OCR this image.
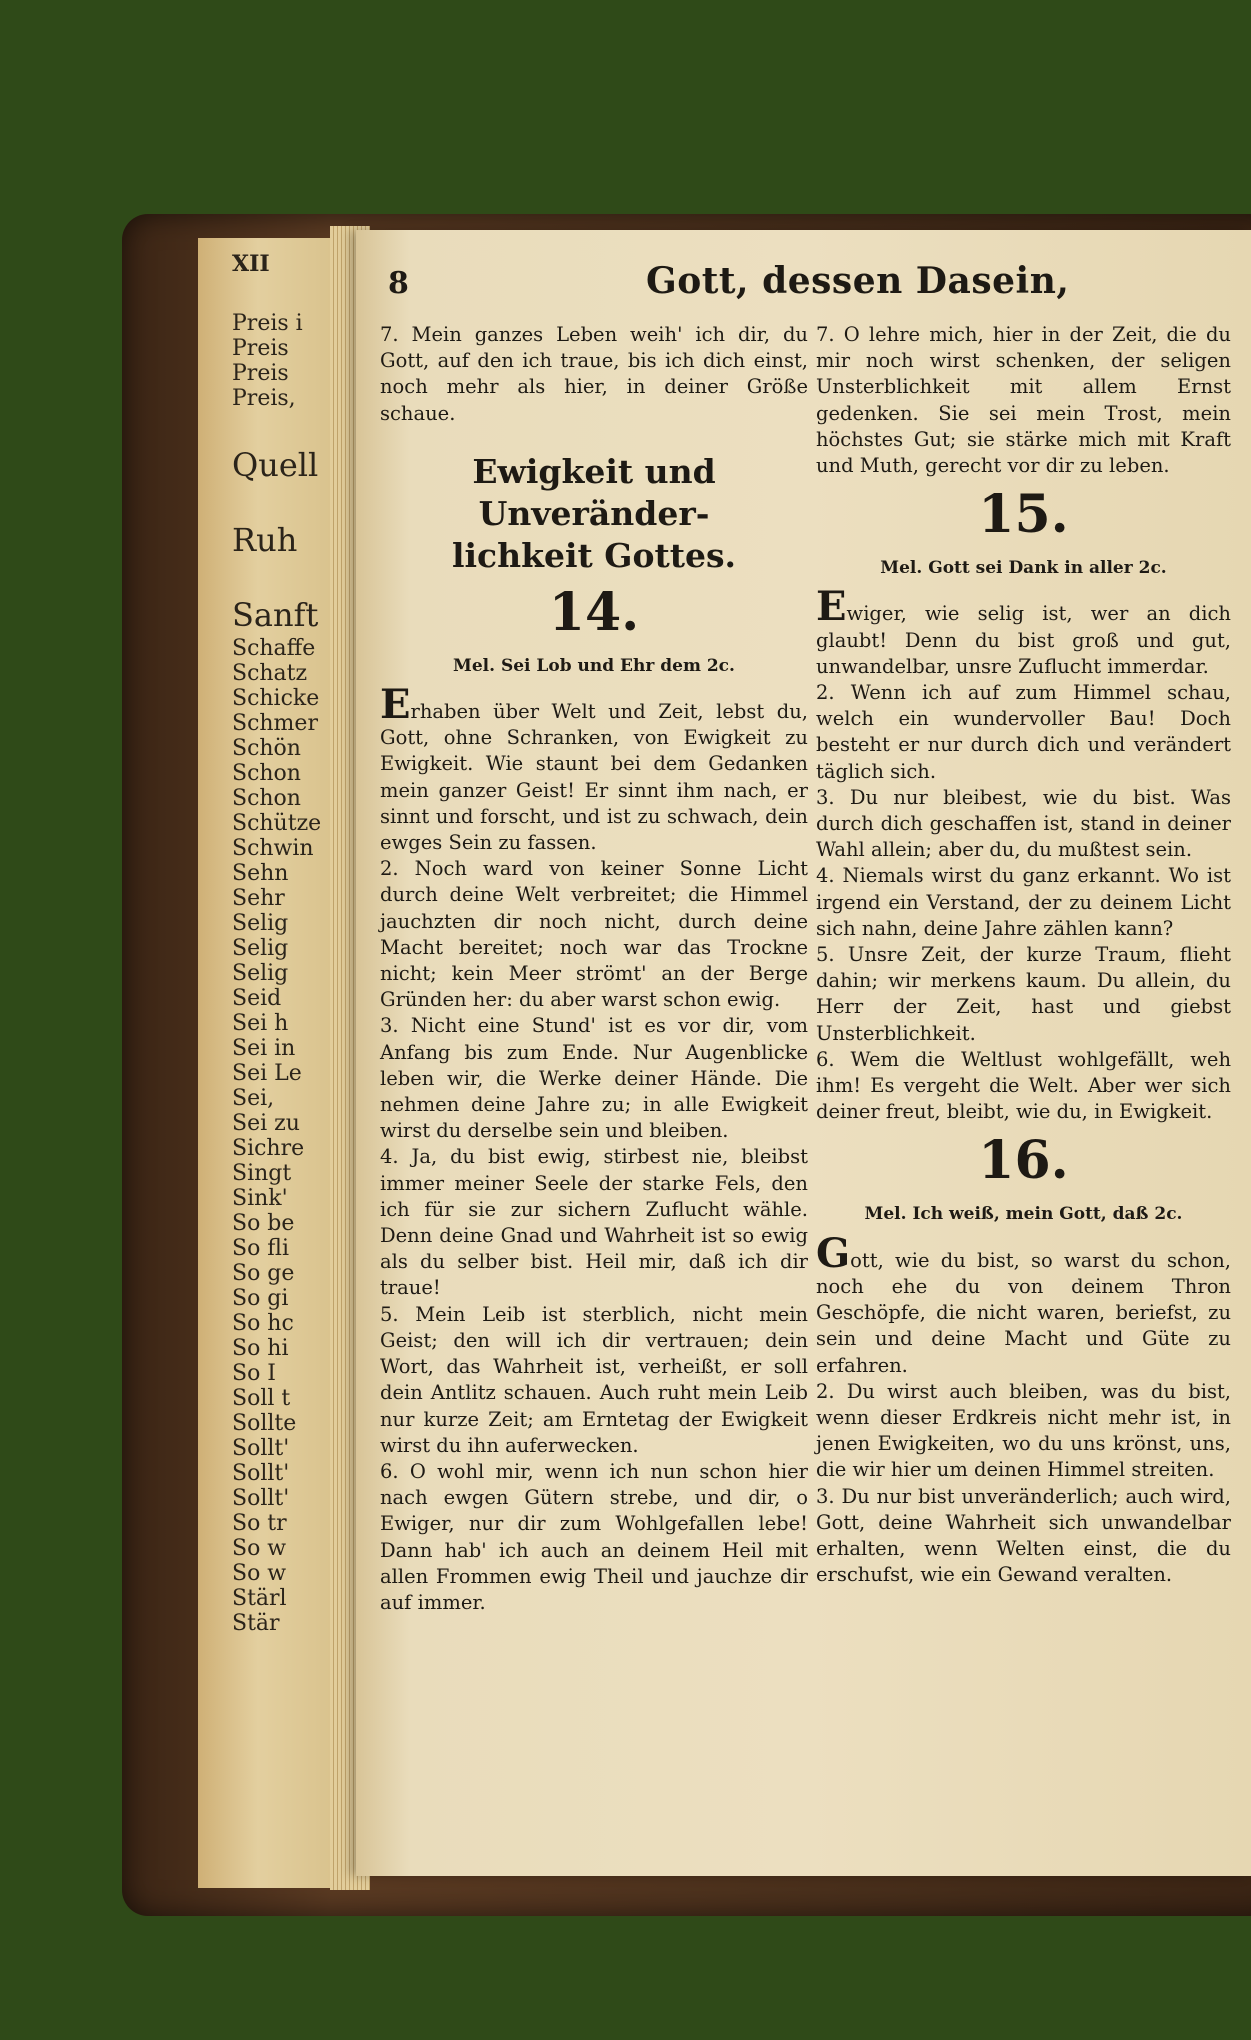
XII
Preis i
Preis
Preis
Preis,
Quell
Ruh
Sanft
Schaffe
Schatz
Schicke
Schmer
Schön
Schon
Schon
Schütze
Schwin
Sehn
Sehr
Selig
Selig
Selig
Seid
Sei h
Sei in
Sei Le
Sei,
Sei zu
Sichre
Singt
Sink'
So be
So fli
So ge
So gi
So hc
So hi
So I
Soll t
Sollte
Sollt'
Sollt'
Sollt'
So tr
So w
So w
Stärl
Stär
8	Gott, dessen Dasein,

7. Mein ganzes Leben weih' ich dir, du Gott, auf den ich traue, bis ich dich einst, noch mehr als hier, in deiner Größe schaue.

Ewigkeit und Unveränder-
lichkeit Gottes.
14.
Mel. Sei Lob und Ehr dem 2c.

Erhaben über Welt und Zeit, lebst du, Gott, ohne Schranken, von Ewigkeit zu Ewigkeit. Wie staunt bei dem Gedanken mein ganzer Geist! Er sinnt ihm nach, er sinnt und forscht, und ist zu schwach, dein ewges Sein zu fassen.

2. Noch ward von keiner Sonne Licht durch deine Welt verbreitet; die Himmel jauchzten dir noch nicht, durch deine Macht bereitet; noch war das Trockne nicht; kein Meer strömt' an der Berge Gründen her: du aber warst schon ewig.

3. Nicht eine Stund' ist es vor dir, vom Anfang bis zum Ende. Nur Augenblicke leben wir, die Werke deiner Hände. Die nehmen deine Jahre zu; in alle Ewigkeit wirst du derselbe sein und bleiben.

4. Ja, du bist ewig, stirbest nie, bleibst immer meiner Seele der starke Fels, den ich für sie zur sichern Zuflucht wähle. Denn deine Gnad und Wahrheit ist so ewig als du selber bist. Heil mir, daß ich dir traue!

5. Mein Leib ist sterblich, nicht mein Geist; den will ich dir vertrauen; dein Wort, das Wahrheit ist, verheißt, er soll dein Antlitz schauen. Auch ruht mein Leib nur kurze Zeit; am Erntetag der Ewigkeit wirst du ihn auferwecken.

6. O wohl mir, wenn ich nun schon hier nach ewgen Gütern strebe, und dir, o Ewiger, nur dir zum Wohlgefallen lebe! Dann hab' ich auch an deinem Heil mit allen Frommen ewig Theil und jauchze dir auf immer.

7. O lehre mich, hier in der Zeit, die du mir noch wirst schenken, der seligen Unsterblichkeit mit allem Ernst gedenken. Sie sei mein Trost, mein höchstes Gut; sie stärke mich mit Kraft und Muth, gerecht vor dir zu leben.

15.
Mel. Gott sei Dank in aller 2c.

Ewiger, wie selig ist, wer an dich glaubt! Denn du bist groß und gut, unwandelbar, unsre Zuflucht immerdar.

2. Wenn ich auf zum Himmel schau, welch ein wundervoller Bau! Doch besteht er nur durch dich und verändert täglich sich.

3. Du nur bleibest, wie du bist. Was durch dich geschaffen ist, stand in deiner Wahl allein; aber du, du mußtest sein.

4. Niemals wirst du ganz erkannt. Wo ist irgend ein Verstand, der zu deinem Licht sich nahn, deine Jahre zählen kann?

5. Unsre Zeit, der kurze Traum, flieht dahin; wir merkens kaum. Du allein, du Herr der Zeit, hast und giebst Unsterblichkeit.

6. Wem die Weltlust wohlgefällt, weh ihm! Es vergeht die Welt. Aber wer sich deiner freut, bleibt, wie du, in Ewigkeit.

16.
Mel. Ich weiß, mein Gott, daß 2c.

Gott, wie du bist, so warst du schon, noch ehe du von deinem Thron Geschöpfe, die nicht waren, beriefst, zu sein und deine Macht und Güte zu erfahren.

2. Du wirst auch bleiben, was du bist, wenn dieser Erdkreis nicht mehr ist, in jenen Ewigkeiten, wo du uns krönst, uns, die wir hier um deinen Himmel streiten.

3. Du nur bist unveränderlich; auch wird, Gott, deine Wahrheit sich unwandelbar erhalten, wenn Welten einst, die du erschufst, wie ein Gewand veralten.
